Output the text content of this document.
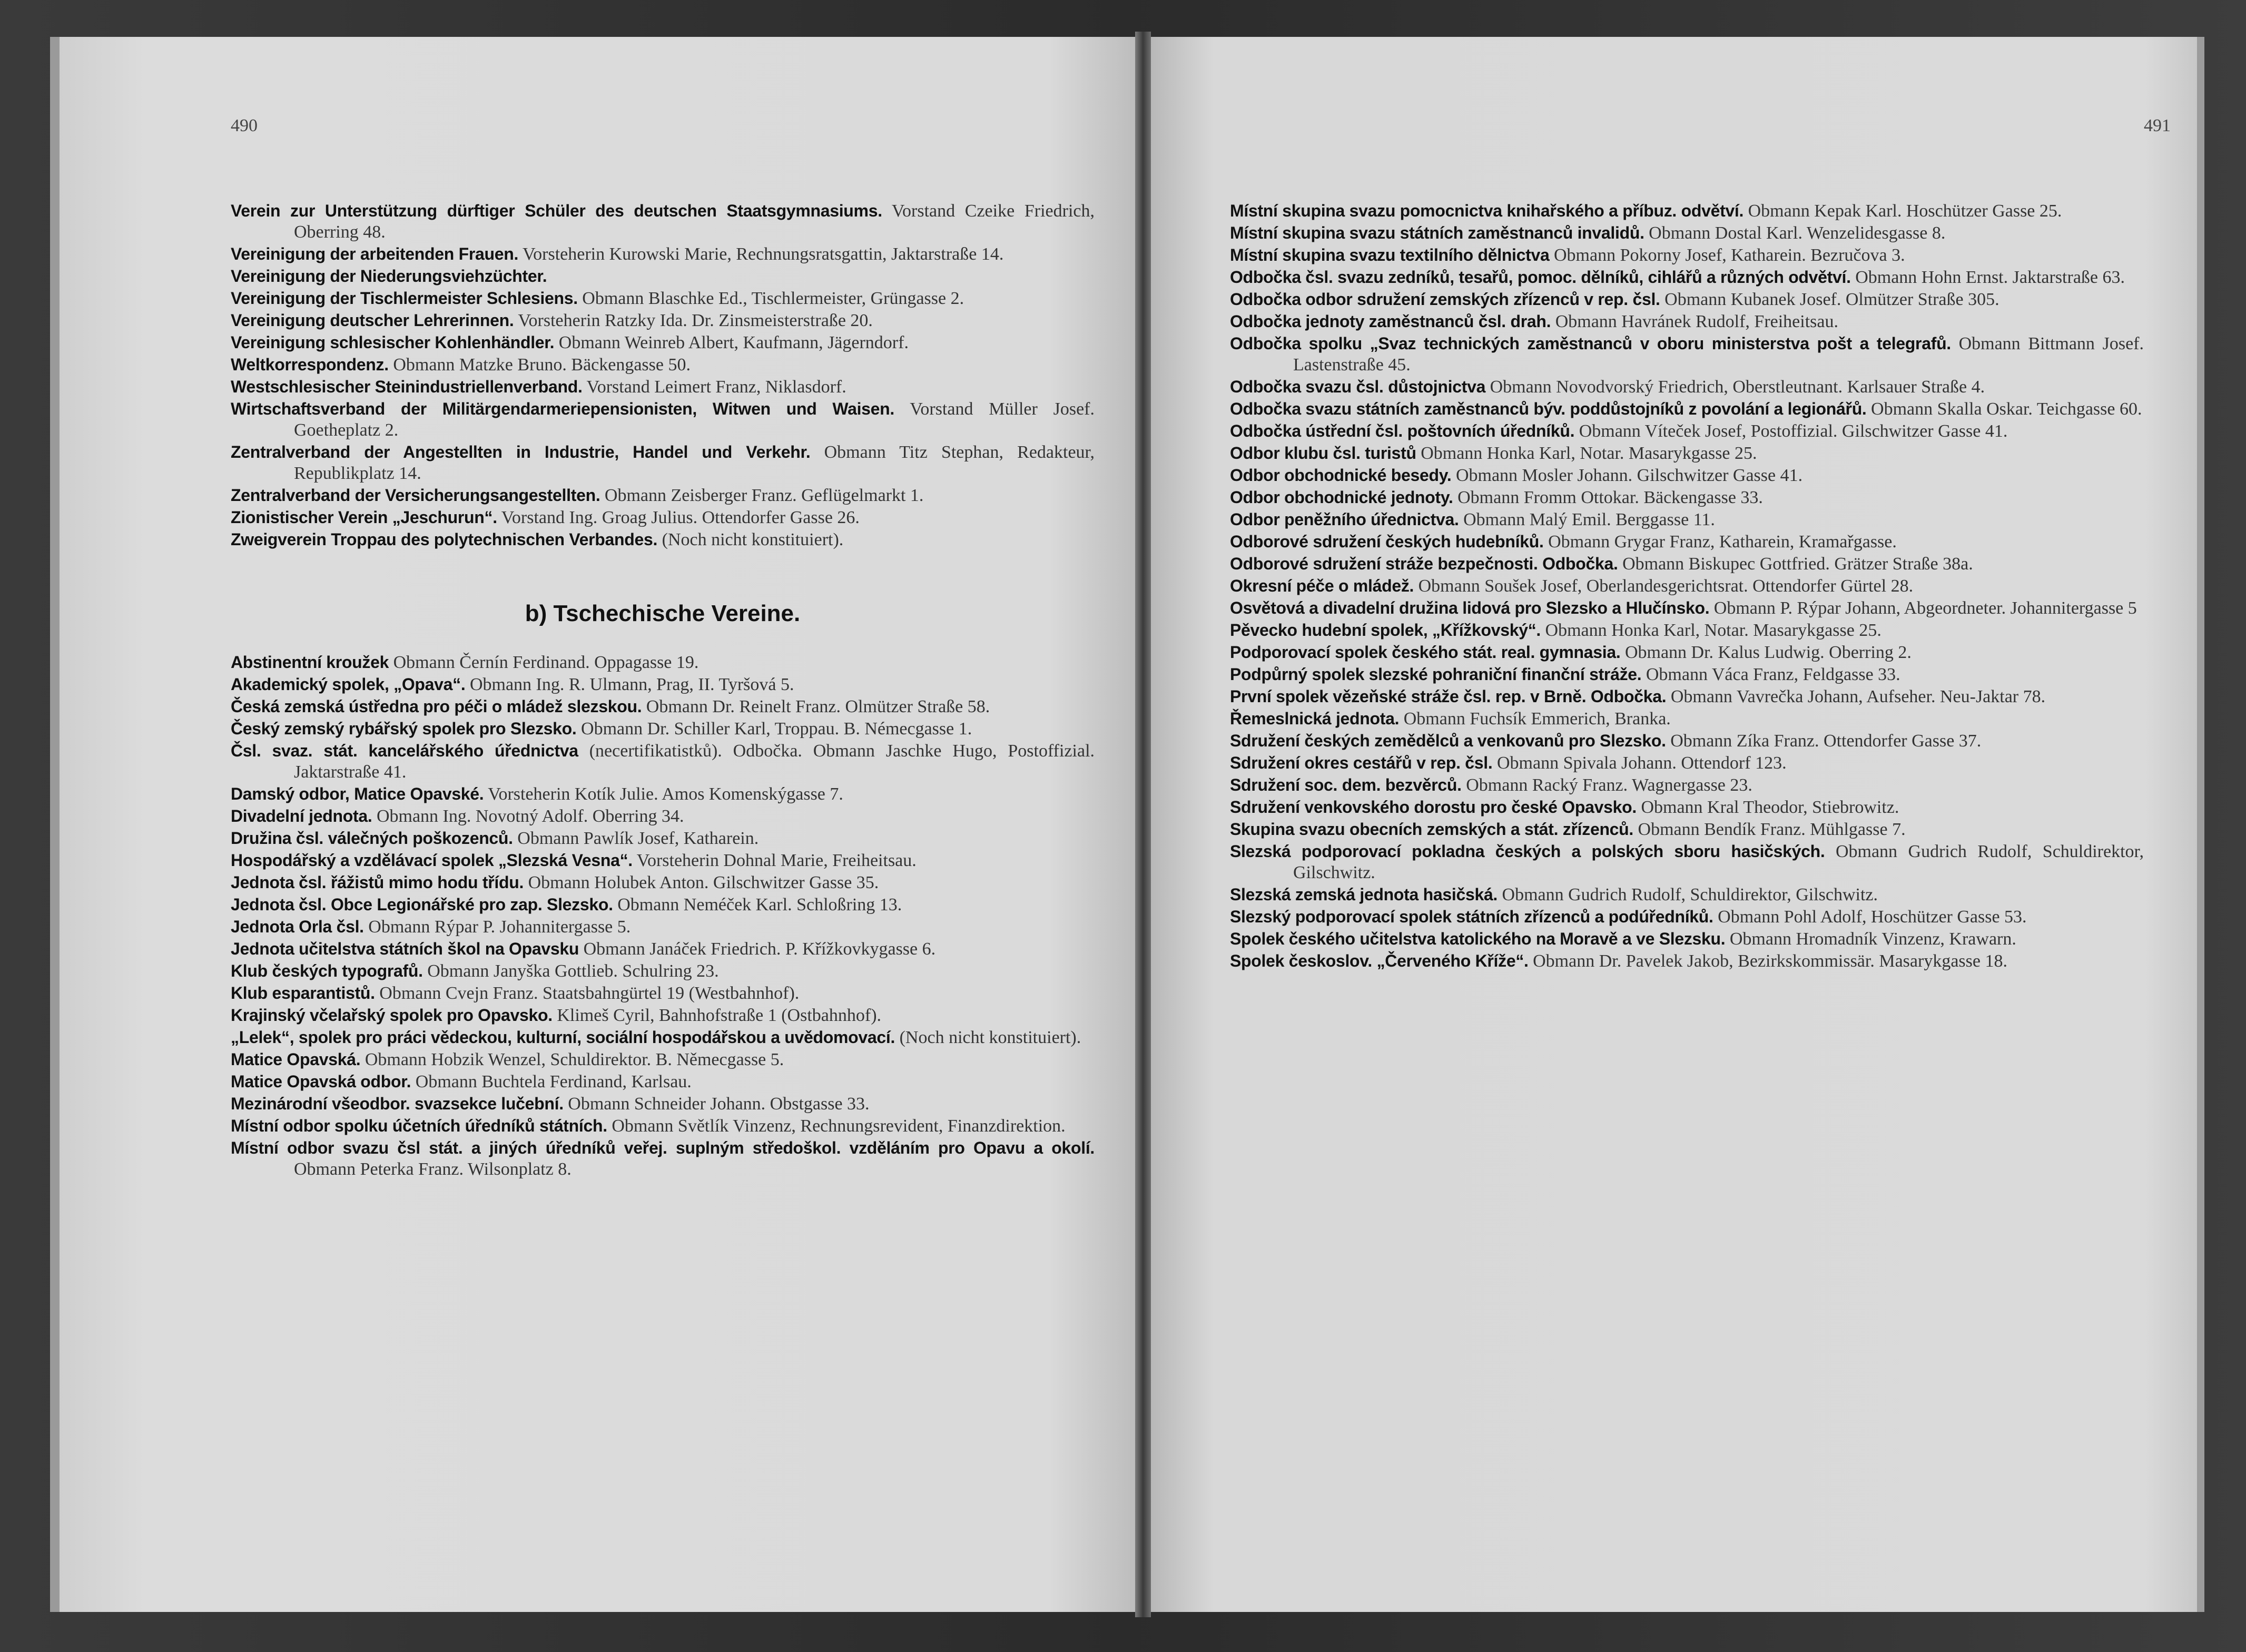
490
Verein zur Unterstützung dürftiger Schüler des deutschen Staatsgymnasiums. Vorstand Czeike Friedrich, Oberring 48.
Vereinigung der arbeitenden Frauen. Vorsteherin Kurowski Marie, Rechnungsratsgattin, Jaktarstraße 14.
Vereinigung der Niederungsviehzüchter.
Vereinigung der Tischlermeister Schlesiens. Obmann Blaschke Ed., Tischlermeister, Grüngasse 2.
Vereinigung deutscher Lehrerinnen. Vorsteherin Ratzky Ida. Dr. Zinsmeisterstraße 20.
Vereinigung schlesischer Kohlenhändler. Obmann Weinreb Albert, Kaufmann, Jägerndorf.
Weltkorrespondenz. Obmann Matzke Bruno. Bäckengasse 50.
Westschlesischer Steinindustriellenverband. Vorstand Leimert Franz, Niklasdorf.
Wirtschaftsverband der Militärgendarmeriepensionisten, Witwen und Waisen. Vorstand Müller Josef. Goetheplatz 2.
Zentralverband der Angestellten in Industrie, Handel und Verkehr. Obmann Titz Stephan, Redakteur, Republikplatz 14.
Zentralverband der Versicherungsangestellten. Obmann Zeisberger Franz. Geflügelmarkt 1.
Zionistischer Verein „Jeschurun“. Vorstand Ing. Groag Julius. Ottendorfer Gasse 26.
Zweigverein Troppau des polytechnischen Verbandes. (Noch nicht konstituiert).
b) Tschechische Vereine.
Abstinentní kroužek Obmann Černín Ferdinand. Oppagasse 19.
Akademický spolek, „Opava“. Obmann Ing. R. Ulmann, Prag, II. Tyršová 5.
Česká zemská ústředna pro péči o mládež slezskou. Obmann Dr. Reinelt Franz. Olmützer Straße 58.
Český zemský rybářský spolek pro Slezsko. Obmann Dr. Schiller Karl, Troppau. B. Némecgasse 1.
Čsl. svaz. stát. kancelářského úřednictva (necertifikatistků). Odbočka. Obmann Jaschke Hugo, Postoffizial. Jaktarstraße 41.
Damský odbor, Matice Opavské. Vorsteherin Kotík Julie. Amos Komenskýgasse 7.
Divadelní jednota. Obmann Ing. Novotný Adolf. Oberring 34.
Družina čsl. válečných poškozenců. Obmann Pawlík Josef, Katharein.
Hospodářský a vzdělávací spolek „Slezská Vesna“. Vorsteherin Dohnal Marie, Freiheitsau.
Jednota čsl. řážistů mimo hodu třídu. Obmann Holubek Anton. Gilschwitzer Gasse 35.
Jednota čsl. Obce Legionářské pro zap. Slezsko. Obmann Neméček Karl. Schloßring 13.
Jednota Orla čsl. Obmann Rýpar P. Johannitergasse 5.
Jednota učitelstva státních škol na Opavsku Obmann Janáček Friedrich. P. Křížkovkygasse 6.
Klub českých typografů. Obmann Janyška Gottlieb. Schulring 23.
Klub esparantistů. Obmann Cvejn Franz. Staatsbahngürtel 19 (Westbahnhof).
Krajinský včelařský spolek pro Opavsko. Klimeš Cyril, Bahnhofstraße 1 (Ostbahnhof).
„Lelek“, spolek pro práci vědeckou, kulturní, sociální hospodářskou a uvědomovací. (Noch nicht konstituiert).
Matice Opavská. Obmann Hobzik Wenzel, Schuldirektor. B. Němecgasse 5.
Matice Opavská odbor. Obmann Buchtela Ferdinand, Karlsau.
Mezinárodní všeodbor. svazsekce lučební. Obmann Schneider Johann. Obstgasse 33.
Místní odbor spolku účetních úředníků státních. Obmann Světlík Vinzenz, Rechnungsrevident, Finanzdirektion.
Místní odbor svazu čsl stát. a jiných úředníků veřej. suplným středoškol. vzděláním pro Opavu a okolí. Obmann Peterka Franz. Wilsonplatz 8.
491
Místní skupina svazu pomocnictva knihařského a příbuz. odvětví. Obmann Kepak Karl. Hoschützer Gasse 25.
Místní skupina svazu státních zaměstnanců invalidů. Obmann Dostal Karl. Wenzelidesgasse 8.
Místní skupina svazu textilního dělnictva Obmann Pokorny Josef, Katharein. Bezručova 3.
Odbočka čsl. svazu zedníků, tesařů, pomoc. dělníků, cihlářů a různých odvětví. Obmann Hohn Ernst. Jaktarstraße 63.
Odbočka odbor sdružení zemských zřízenců v rep. čsl. Obmann Kubanek Josef. Olmützer Straße 305.
Odbočka jednoty zaměstnanců čsl. drah. Obmann Havránek Rudolf, Freiheitsau.
Odbočka spolku „Svaz technických zaměstnanců v oboru ministerstva pošt a telegrafů. Obmann Bittmann Josef. Lastenstraße 45.
Odbočka svazu čsl. důstojnictva Obmann Novodvorský Friedrich, Oberstleutnant. Karlsauer Straße 4.
Odbočka svazu státních zaměstnanců býv. poddůstojníků z povolání a legionářů. Obmann Skalla Oskar. Teichgasse 60.
Odbočka ústřední čsl. poštovních úředníků. Obmann Víteček Josef, Postoffizial. Gilschwitzer Gasse 41.
Odbor klubu čsl. turistů Obmann Honka Karl, Notar. Masarykgasse 25.
Odbor obchodnické besedy. Obmann Mosler Johann. Gilschwitzer Gasse 41.
Odbor obchodnické jednoty. Obmann Fromm Ottokar. Bäckengasse 33.
Odbor peněžního úřednictva. Obmann Malý Emil. Berggasse 11.
Odborové sdružení českých hudebníků. Obmann Grygar Franz, Katharein, Kramařgasse.
Odborové sdružení stráže bezpečnosti. Odbočka. Obmann Biskupec Gottfried. Grätzer Straße 38a.
Okresní péče o mládež. Obmann Soušek Josef, Oberlandesgerichtsrat. Ottendorfer Gürtel 28.
Osvětová a divadelní družina lidová pro Slezsko a Hlučínsko. Obmann P. Rýpar Johann, Abgeordneter. Johannitergasse 5
Pěvecko hudební spolek, „Křížkovský“. Obmann Honka Karl, Notar. Masarykgasse 25.
Podporovací spolek českého stát. real. gymnasia. Obmann Dr. Kalus Ludwig. Oberring 2.
Podpůrný spolek slezské pohraniční finanční stráže. Obmann Váca Franz, Feldgasse 33.
První spolek vězeňské stráže čsl. rep. v Brně. Odbočka. Obmann Vavrečka Johann, Aufseher. Neu-Jaktar 78.
Řemeslnická jednota. Obmann Fuchsík Emmerich, Branka.
Sdružení českých zemědělců a venkovanů pro Slezsko. Obmann Zíka Franz. Ottendorfer Gasse 37.
Sdružení okres cestářů v rep. čsl. Obmann Spivala Johann. Ottendorf 123.
Sdružení soc. dem. bezvěrců. Obmann Racký Franz. Wagnergasse 23.
Sdružení venkovského dorostu pro české Opavsko. Obmann Kral Theodor, Stiebrowitz.
Skupina svazu obecních zemských a stát. zřízenců. Obmann Bendík Franz. Mühlgasse 7.
Slezská podporovací pokladna českých a polských sboru hasičských. Obmann Gudrich Rudolf, Schuldirektor, Gilschwitz.
Slezská zemská jednota hasičská. Obmann Gudrich Rudolf, Schuldirektor, Gilschwitz.
Slezský podporovací spolek státních zřízenců a podúředníků. Obmann Pohl Adolf, Hoschützer Gasse 53.
Spolek českého učitelstva katolického na Moravě a ve Slezsku. Obmann Hromadník Vinzenz, Krawarn.
Spolek českoslov. „Červeného Kříže“. Obmann Dr. Pavelek Jakob, Bezirkskommissär. Masarykgasse 18.
